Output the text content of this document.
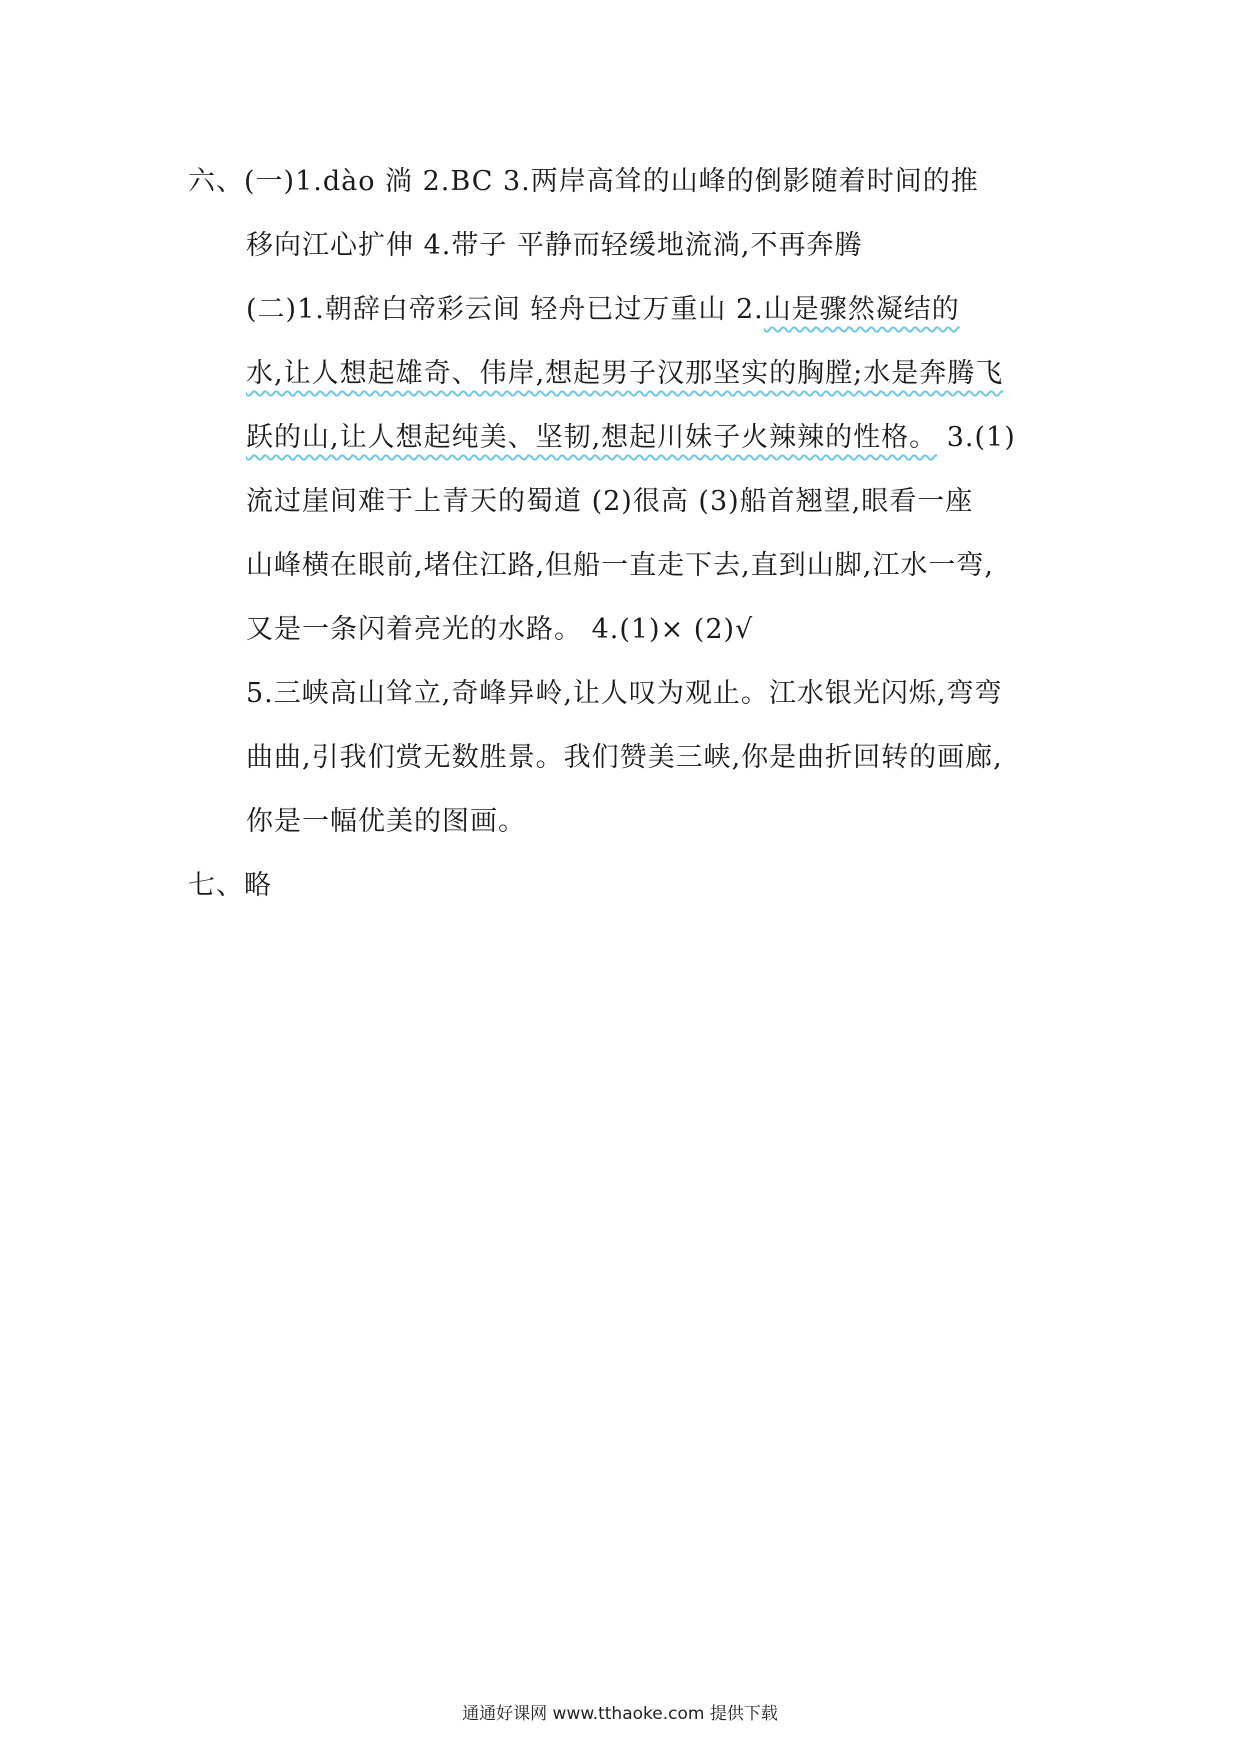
六、(一)1.dào 淌 2.BC 3.两岸高耸的山峰的倒影随着时间的推
移向江心扩伸 4.带子 平静而轻缓地流淌,不再奔腾
(二)1.朝辞白帝彩云间 轻舟已过万重山 2.山是骤然凝结的
水,让人想起雄奇、伟岸,想起男子汉那坚实的胸膛;水是奔腾飞
跃的山,让人想起纯美、坚韧,想起川妹子火辣辣的性格。 3.(1)
流过崖间难于上青天的蜀道 (2)很高 (3)船首翘望,眼看一座
山峰横在眼前,堵住江路,但船一直走下去,直到山脚,江水一弯,
又是一条闪着亮光的水路。 4.(1)× (2)√
5.三峡高山耸立,奇峰异岭,让人叹为观止。江水银光闪烁,弯弯
曲曲,引我们赏无数胜景。我们赞美三峡,你是曲折回转的画廊,
你是一幅优美的图画。
七、略
通通好课网 www.tthaoke.com 提供下载
